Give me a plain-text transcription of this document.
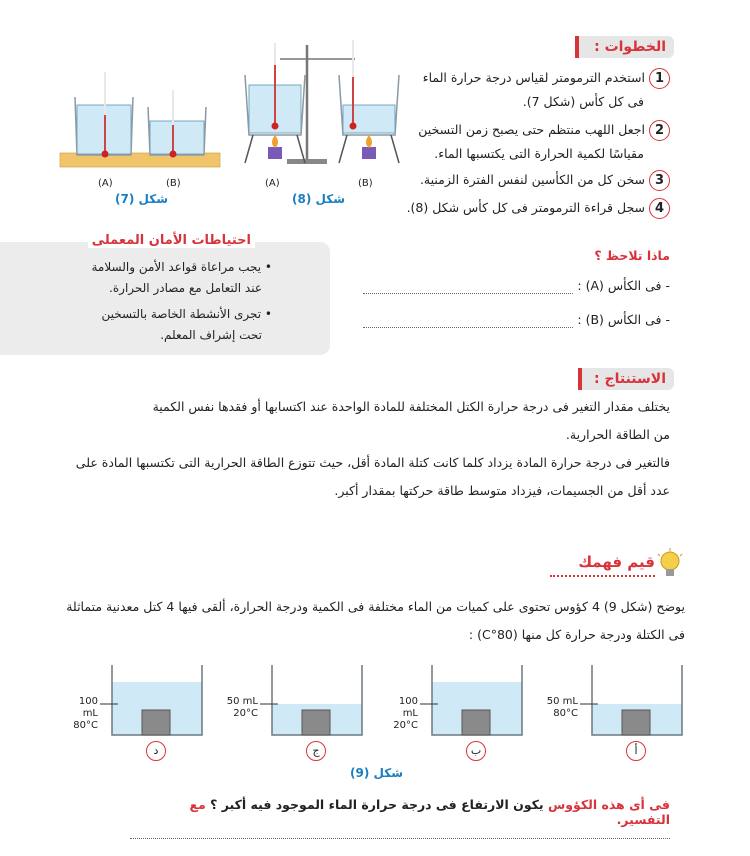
الخطوات :
1استخدم الترمومتر لقياس درجة حرارة الماء
فى كل كأس (شكل 7).
2اجعل اللهب منتظم حتى يصبح زمن التسخين
مقياسًا لكمية الحرارة التى يكتسبها الماء.
3سخن كل من الكأسين لنفس الفترة الزمنية.
4سجل قراءة الترمومتر فى كل كأس شكل (8).
ماذا تلاحظ ؟
- فى الكأس (A) :
- فى الكأس (B) :
(A)	(B)	(A)	(B)
شكل (7)	شكل (8)
احتياطات الأمان المعملى
• يجب مراعاة قواعد الأمن والسلامة
عند التعامل مع مصادر الحرارة.
• تجرى الأنشطة الخاصة بالتسخين
تحت إشراف المعلم.
الاستنتاج :
يختلف مقدار التغير فى درجة حرارة الكتل المختلفة للمادة الواحدة عند اكتسابها أو فقدها نفس الكمية
من الطاقة الحرارية.
فالتغير فى درجة حرارة المادة يزداد كلما كانت كتلة المادة أقل، حيث تتوزع الطاقة الحرارية التى تكتسبها المادة على
عدد أقل من الجسيمات، فيزداد متوسط طاقة حركتها بمقدار أكبر.
قيم فهمك
يوضح (شكل 9) 4 كؤوس تحتوى على كميات من الماء مختلفة فى الكمية ودرجة الحرارة، ألقى فيها 4 كتل معدنية متماثلة
فى الكتلة ودرجة حرارة كل منها (80°C) :
100 mL
80°C
50 mL
20°C
100 mL
20°C
50 mL
80°C
د	ج	ب	أ
شكل (9)
فى أى هذه الكؤوس يكون الارتفاع فى درجة حرارة الماء الموجود فيه أكبر ؟ مع التفسير.
